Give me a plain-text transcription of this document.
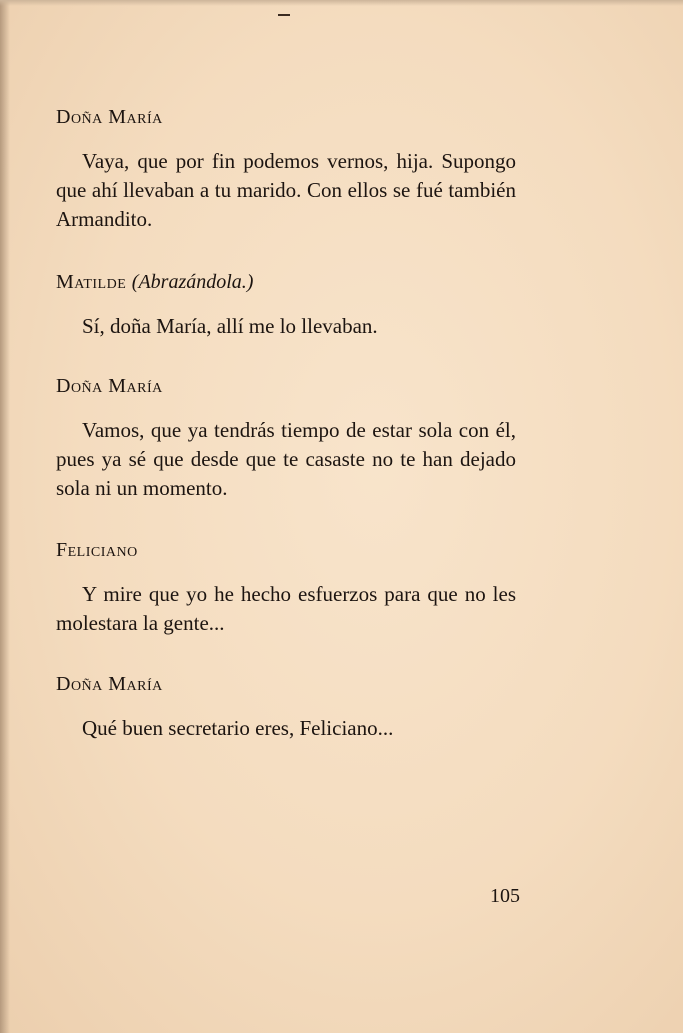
Doña María
Vaya, que por fin podemos vernos, hija. Supongo que ahí llevaban a tu marido. Con ellos se fué también Armandito.
Matilde (Abrazándola.)
Sí, doña María, allí me lo llevaban.
Doña María
Vamos, que ya tendrás tiempo de estar sola con él, pues ya sé que desde que te casaste no te han dejado sola ni un momento.
Feliciano
Y mire que yo he hecho esfuerzos para que no les molestara la gente...
Doña María
Qué buen secretario eres, Feliciano...
105
